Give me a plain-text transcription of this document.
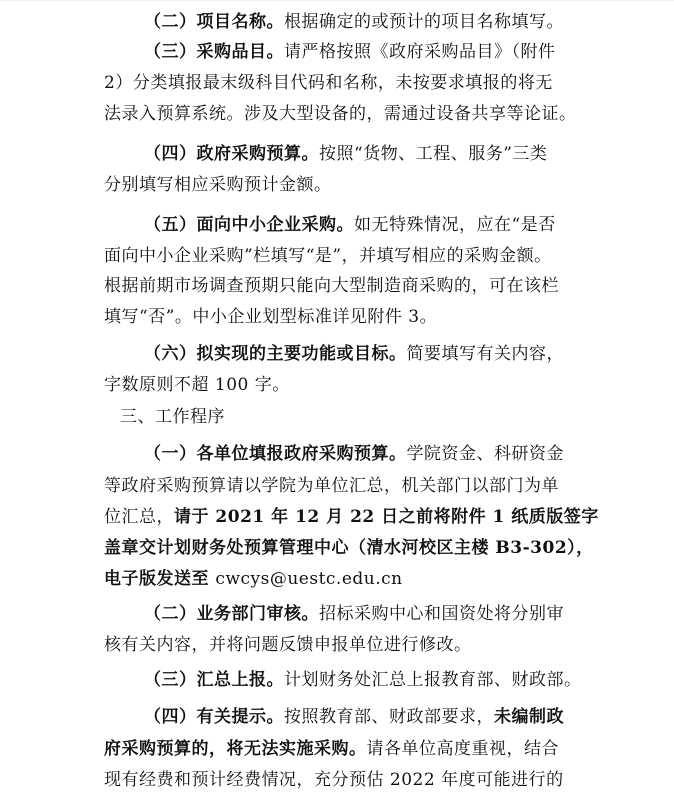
（二）项目名称。根据确定的或预计的项目名称填写。
（三）采购品目。请严格按照《政府采购品目》（附件
2）分类填报最末级科目代码和名称，未按要求填报的将无
法录入预算系统。涉及大型设备的，需通过设备共享等论证。
（四）政府采购预算。按照“货物、工程、服务”三类
分别填写相应采购预计金额。
（五）面向中小企业采购。如无特殊情况，应在“是否
面向中小企业采购”栏填写“是”，并填写相应的采购金额。
根据前期市场调查预期只能向大型制造商采购的，可在该栏
填写“否”。中小企业划型标准详见附件 3。
（六）拟实现的主要功能或目标。简要填写有关内容，
字数原则不超 100 字。
三、工作程序
（一）各单位填报政府采购预算。学院资金、科研资金
等政府采购预算请以学院为单位汇总，机关部门以部门为单
位汇总，请于 2021 年 12 月 22 日之前将附件 1 纸质版签字
盖章交计划财务处预算管理中心（清水河校区主楼 B3-302），
电子版发送至 cwcys@uestc.edu.cn
（二）业务部门审核。招标采购中心和国资处将分别审
核有关内容，并将问题反馈申报单位进行修改。
（三）汇总上报。计划财务处汇总上报教育部、财政部。
（四）有关提示。按照教育部、财政部要求，未编制政
府采购预算的，将无法实施采购。请各单位高度重视，结合
现有经费和预计经费情况，充分预估 2022 年度可能进行的
